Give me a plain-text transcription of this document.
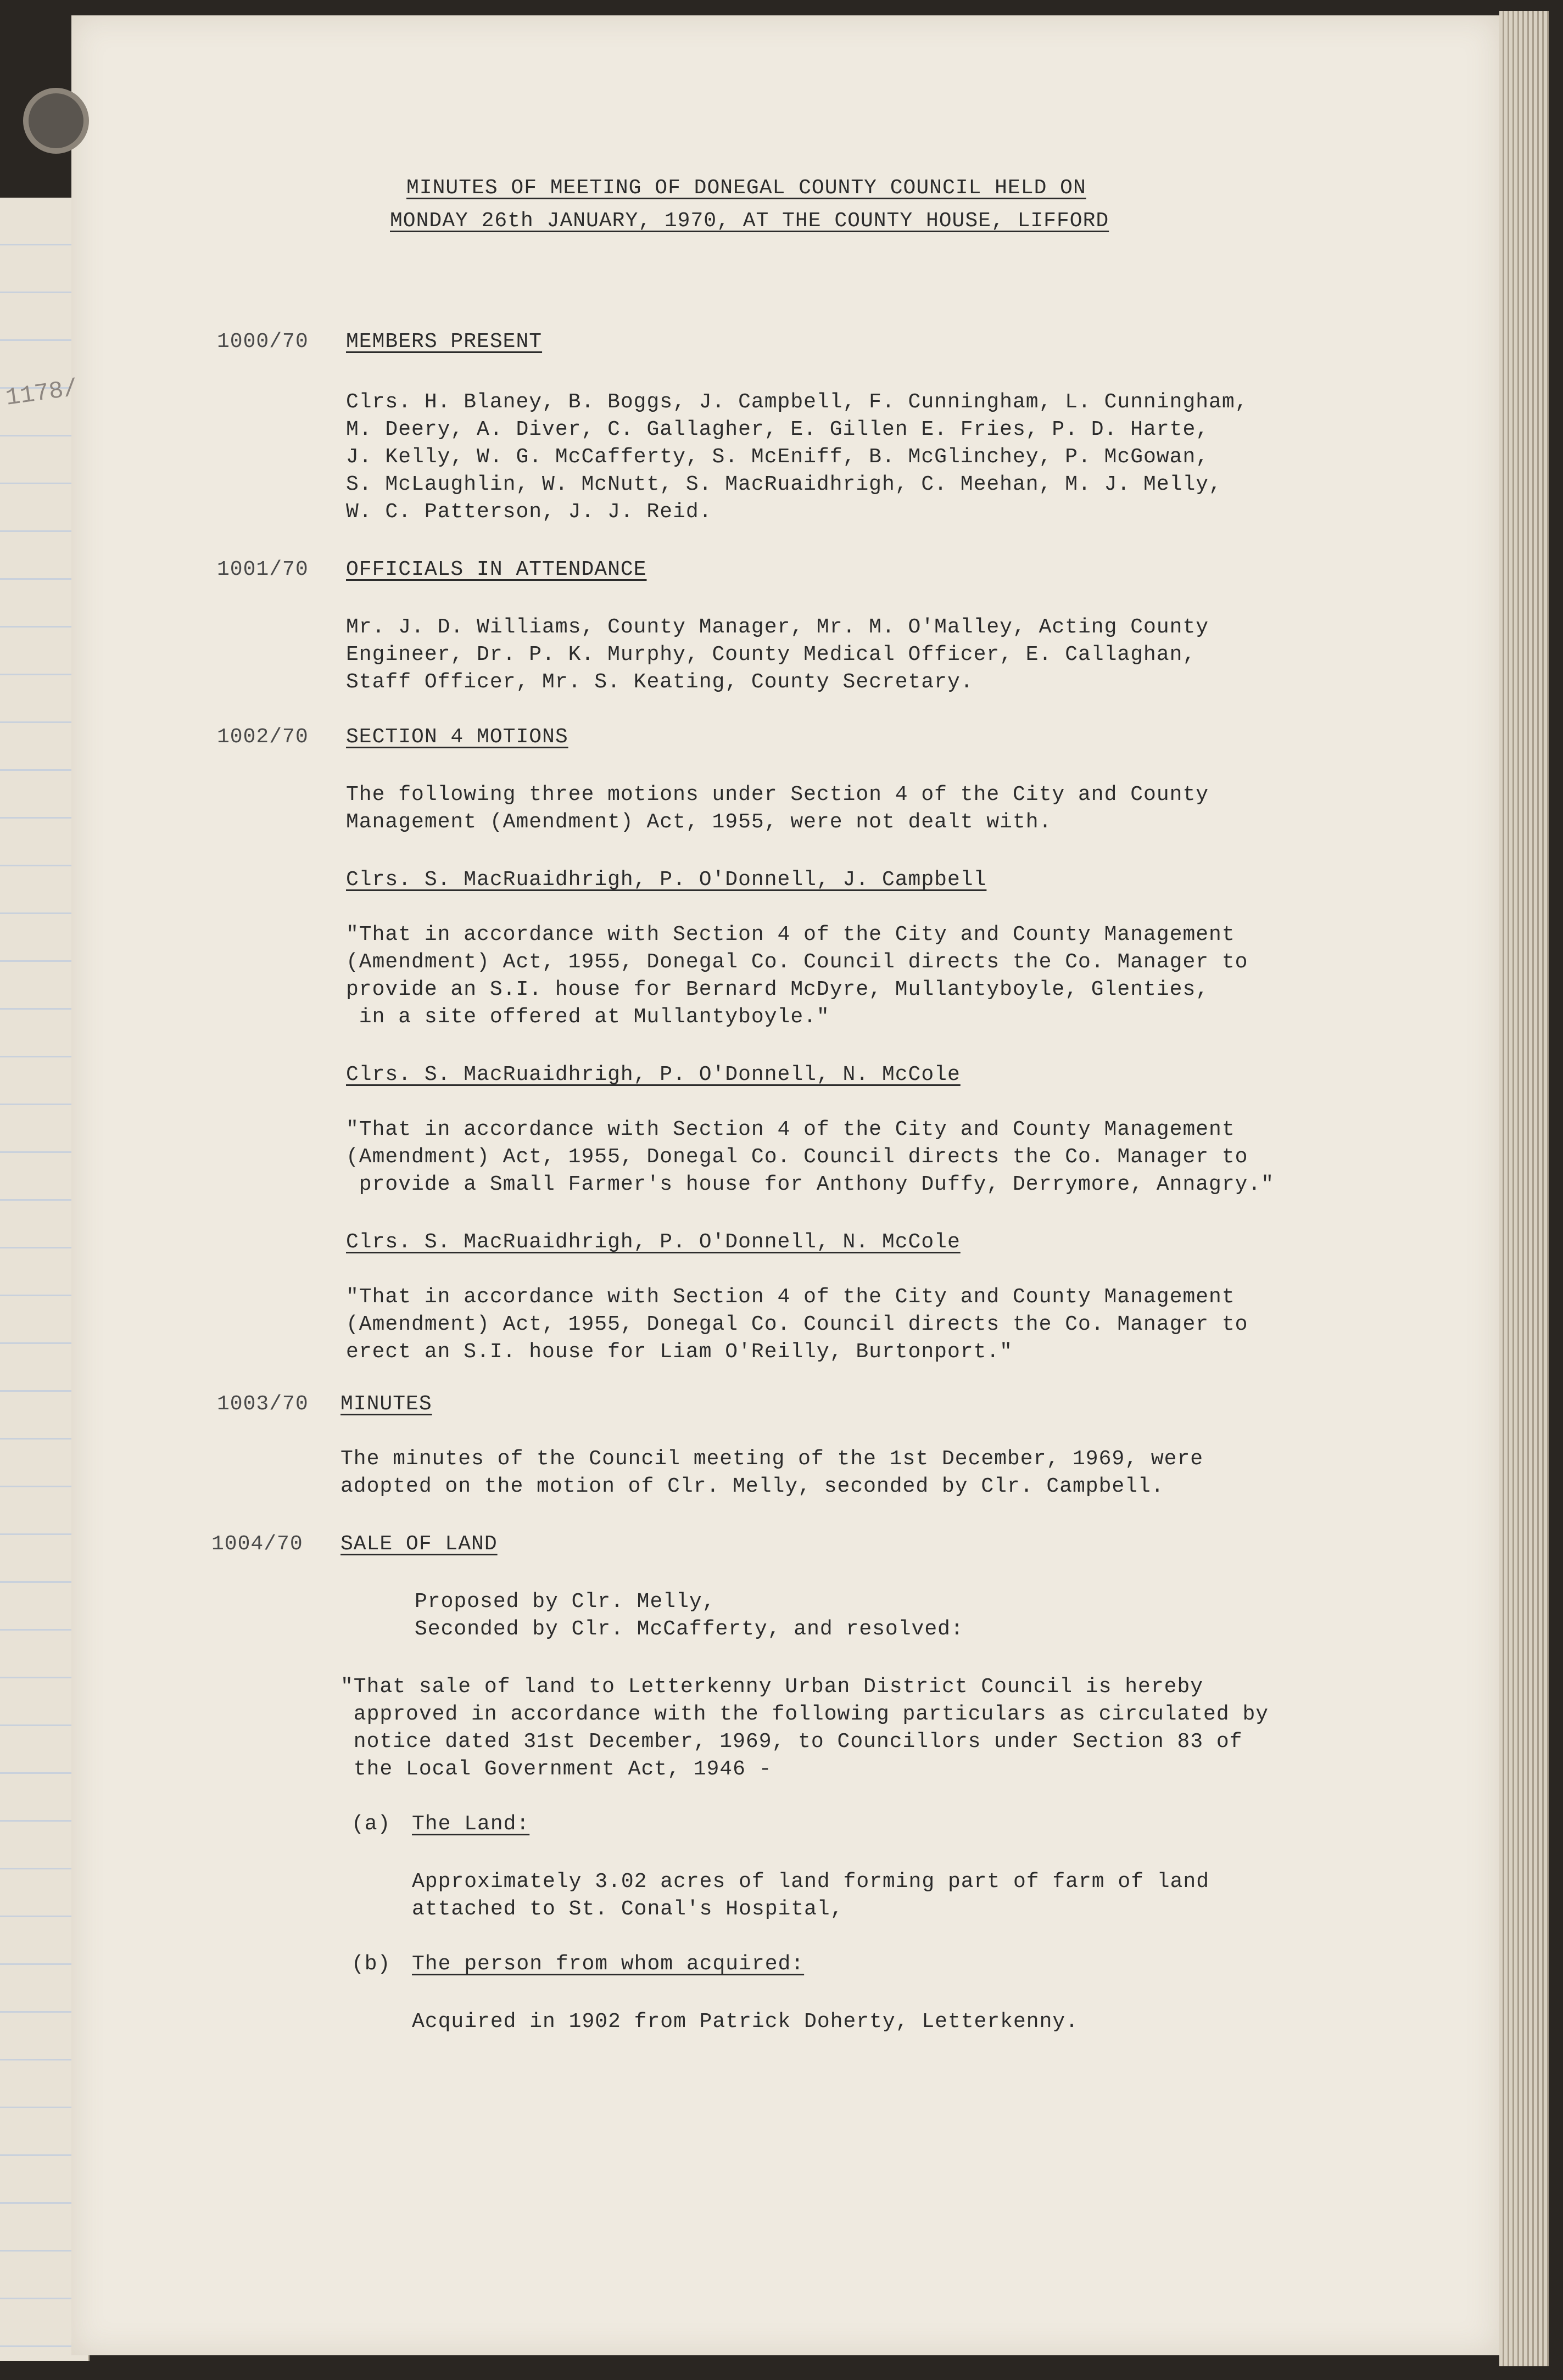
MINUTES OF MEETING OF DONEGAL COUNTY COUNCIL HELD ON
MONDAY 26th JANUARY, 1970, AT THE COUNTY HOUSE, LIFFORD
1000/70 MEMBERS PRESENT
Clrs. H. Blaney, B. Boggs, J. Campbell, F. Cunningham, L. Cunningham,
M. Deery, A. Diver, C. Gallagher, E. Gillen E. Fries, P. D. Harte,
J. Kelly, W. G. McCafferty, S. McEniff, B. McGlinchey, P. McGowan,
S. McLaughlin, W. McNutt, S. MacRuaidhrigh, C. Meehan, M. J. Melly,
W. C. Patterson, J. J. Reid.
1001/70 OFFICIALS IN ATTENDANCE
Mr. J. D. Williams, County Manager, Mr. M. O'Malley, Acting County
Engineer, Dr. P. K. Murphy, County Medical Officer, E. Callaghan,
Staff Officer, Mr. S. Keating, County Secretary.
1002/70 SECTION 4 MOTIONS
The following three motions under Section 4 of the City and County
Management (Amendment) Act, 1955, were not dealt with.
Clrs. S. MacRuaidhrigh, P. O'Donnell, J. Campbell
"That in accordance with Section 4 of the City and County Management
(Amendment) Act, 1955, Donegal Co. Council directs the Co. Manager to
provide an S.I. house for Bernard McDyre, Mullantyboyle, Glenties,
in a site offered at Mullantyboyle."
Clrs. S. MacRuaidhrigh, P. O'Donnell, N. McCole
"That in accordance with Section 4 of the City and County Management
(Amendment) Act, 1955, Donegal Co. Council directs the Co. Manager to
provide a Small Farmer's house for Anthony Duffy, Derrymore, Annagry."
Clrs. S. MacRuaidhrigh, P. O'Donnell, N. McCole
"That in accordance with Section 4 of the City and County Management
(Amendment) Act, 1955, Donegal Co. Council directs the Co. Manager to
erect an S.I. house for Liam O'Reilly, Burtonport."
1003/70 MINUTES
The minutes of the Council meeting of the 1st December, 1969, were
adopted on the motion of Clr. Melly, seconded by Clr. Campbell.
1004/70 SALE OF LAND
Proposed by Clr. Melly,
Seconded by Clr. McCafferty, and resolved:
"That sale of land to Letterkenny Urban District Council is hereby
approved in accordance with the following particulars as circulated by
notice dated 31st December, 1969, to Councillors under Section 83 of
the Local Government Act, 1946 -
(a) The Land:
Approximately 3.02 acres of land forming part of farm of land
attached to St. Conal's Hospital,
(b) The person from whom acquired:
Acquired in 1902 from Patrick Doherty, Letterkenny.
1178/
